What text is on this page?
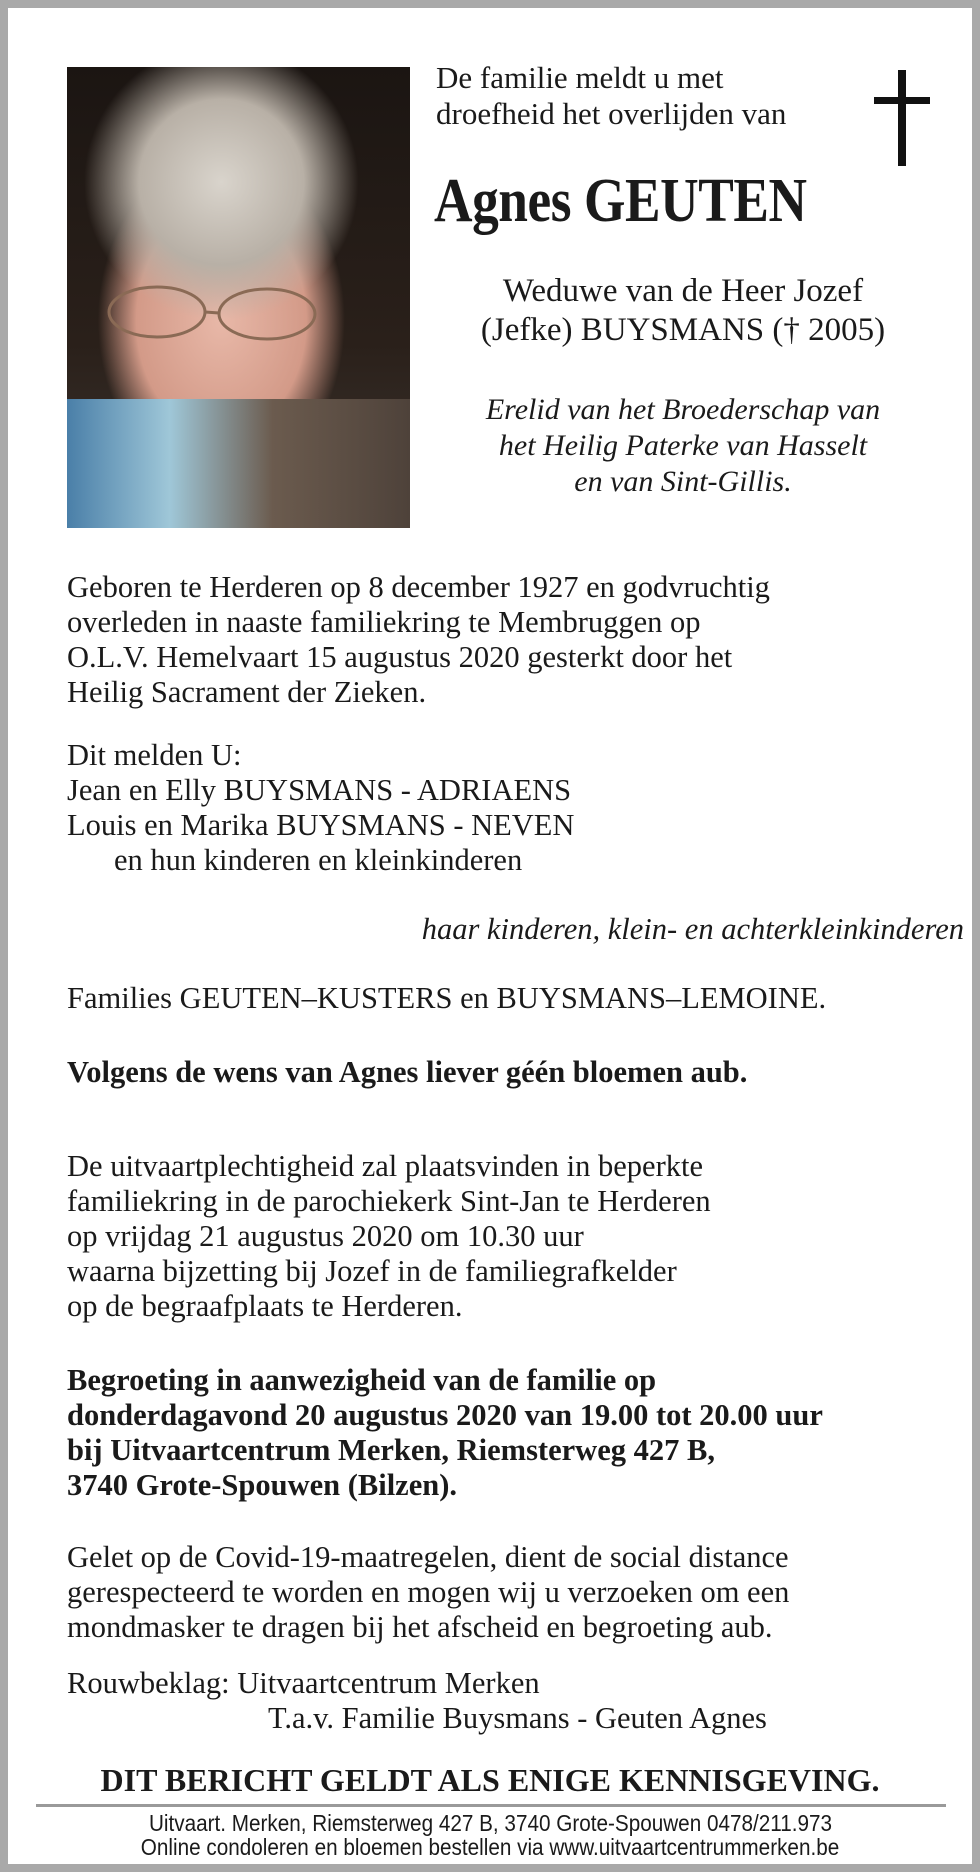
De familie meldt u met
droefheid het overlijden van
Agnes GEUTEN
Weduwe van de Heer Jozef
(Jefke) BUYSMANS († 2005)
Erelid van het Broederschap van
het Heilig Paterke van Hasselt
en van Sint-Gillis.
Geboren te Herderen op 8 december 1927 en godvruchtig
overleden in naaste familiekring te Membruggen op
O.L.V. Hemelvaart 15 augustus 2020 gesterkt door het
Heilig Sacrament der Zieken.
Dit melden U:
Jean en Elly BUYSMANS - ADRIAENS
Louis en Marika BUYSMANS - NEVEN
en hun kinderen en kleinkinderen
haar kinderen, klein- en achterkleinkinderen
Families GEUTEN–KUSTERS en BUYSMANS–LEMOINE.
Volgens de wens van Agnes liever géén bloemen aub.
De uitvaartplechtigheid zal plaatsvinden in beperkte
familiekring in de parochiekerk Sint-Jan te Herderen
op vrijdag 21 augustus 2020 om 10.30 uur
waarna bijzetting bij Jozef in de familiegrafkelder
op de begraafplaats te Herderen.
Begroeting in aanwezigheid van de familie op
donderdagavond 20 augustus 2020 van 19.00 tot 20.00 uur
bij Uitvaartcentrum Merken, Riemsterweg 427 B,
3740 Grote-Spouwen (Bilzen).
Gelet op de Covid-19-maatregelen, dient de social distance
gerespecteerd te worden en mogen wij u verzoeken om een
mondmasker te dragen bij het afscheid en begroeting aub.
Rouwbeklag: Uitvaartcentrum Merken
T.a.v. Familie Buysmans - Geuten Agnes
DIT BERICHT GELDT ALS ENIGE KENNISGEVING.
Uitvaart. Merken, Riemsterweg 427 B, 3740 Grote-Spouwen 0478/211.973
Online condoleren en bloemen bestellen via www.uitvaartcentrummerken.be
